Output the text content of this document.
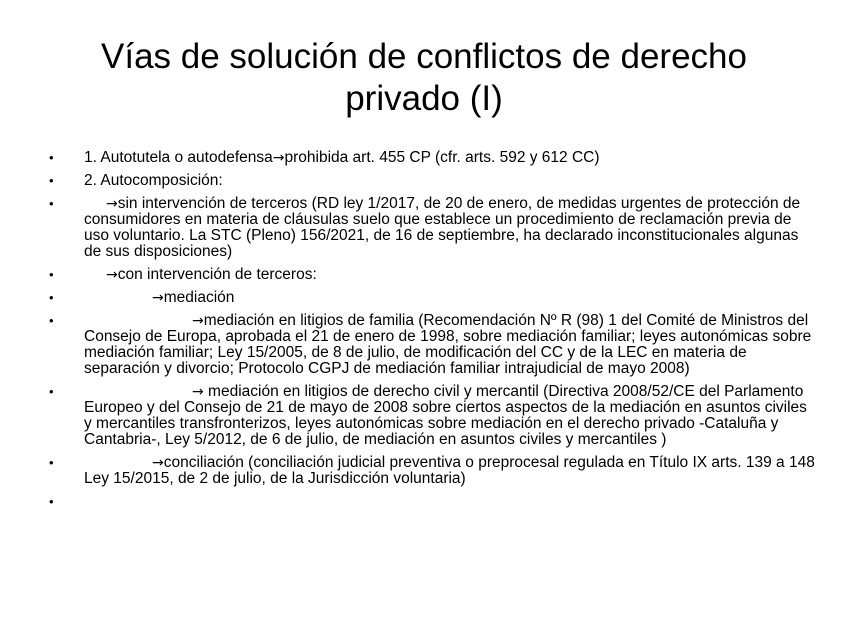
Vías de solución de conflictos de derecho privado (I)
• 1. Autotutela o autodefensa→prohibida art. 455 CP (cfr. arts. 592 y 612 CC)
• 2. Autocomposición:
•	→sin intervención de terceros (RD ley 1/2017, de 20 de enero, de medidas urgentes de protección de consumidores en materia de cláusulas suelo que establece un procedimiento de reclamación previa de uso voluntario. La STC (Pleno) 156/2021, de 16 de septiembre, ha declarado inconstitucionales algunas de sus disposiciones)
•	→con intervención de terceros:
•	→mediación
•	→mediación en litigios de familia (Recomendación Nº R (98) 1 del Comité de Ministros del Consejo de Europa, aprobada el 21 de enero de 1998, sobre mediación familiar; leyes autonómicas sobre mediación familiar; Ley 15/2005, de 8 de julio, de modificación del CC y de la LEC en materia de separación y divorcio; Protocolo CGPJ de mediación familiar intrajudicial de mayo 2008)
•	→ mediación en litigios de derecho civil y mercantil (Directiva 2008/52/CE del Parlamento Europeo y del Consejo de 21 de mayo de 2008 sobre ciertos aspectos de la mediación en asuntos civiles y mercantiles transfronterizos, leyes autonómicas sobre mediación en el derecho privado -Cataluña y Cantabria-, Ley 5/2012, de 6 de julio, de mediación en asuntos civiles y mercantiles )
•	→conciliación (conciliación judicial preventiva o preprocesal regulada en Título IX arts. 139 a 148 Ley 15/2015, de 2 de julio, de la Jurisdicción voluntaria)
•
